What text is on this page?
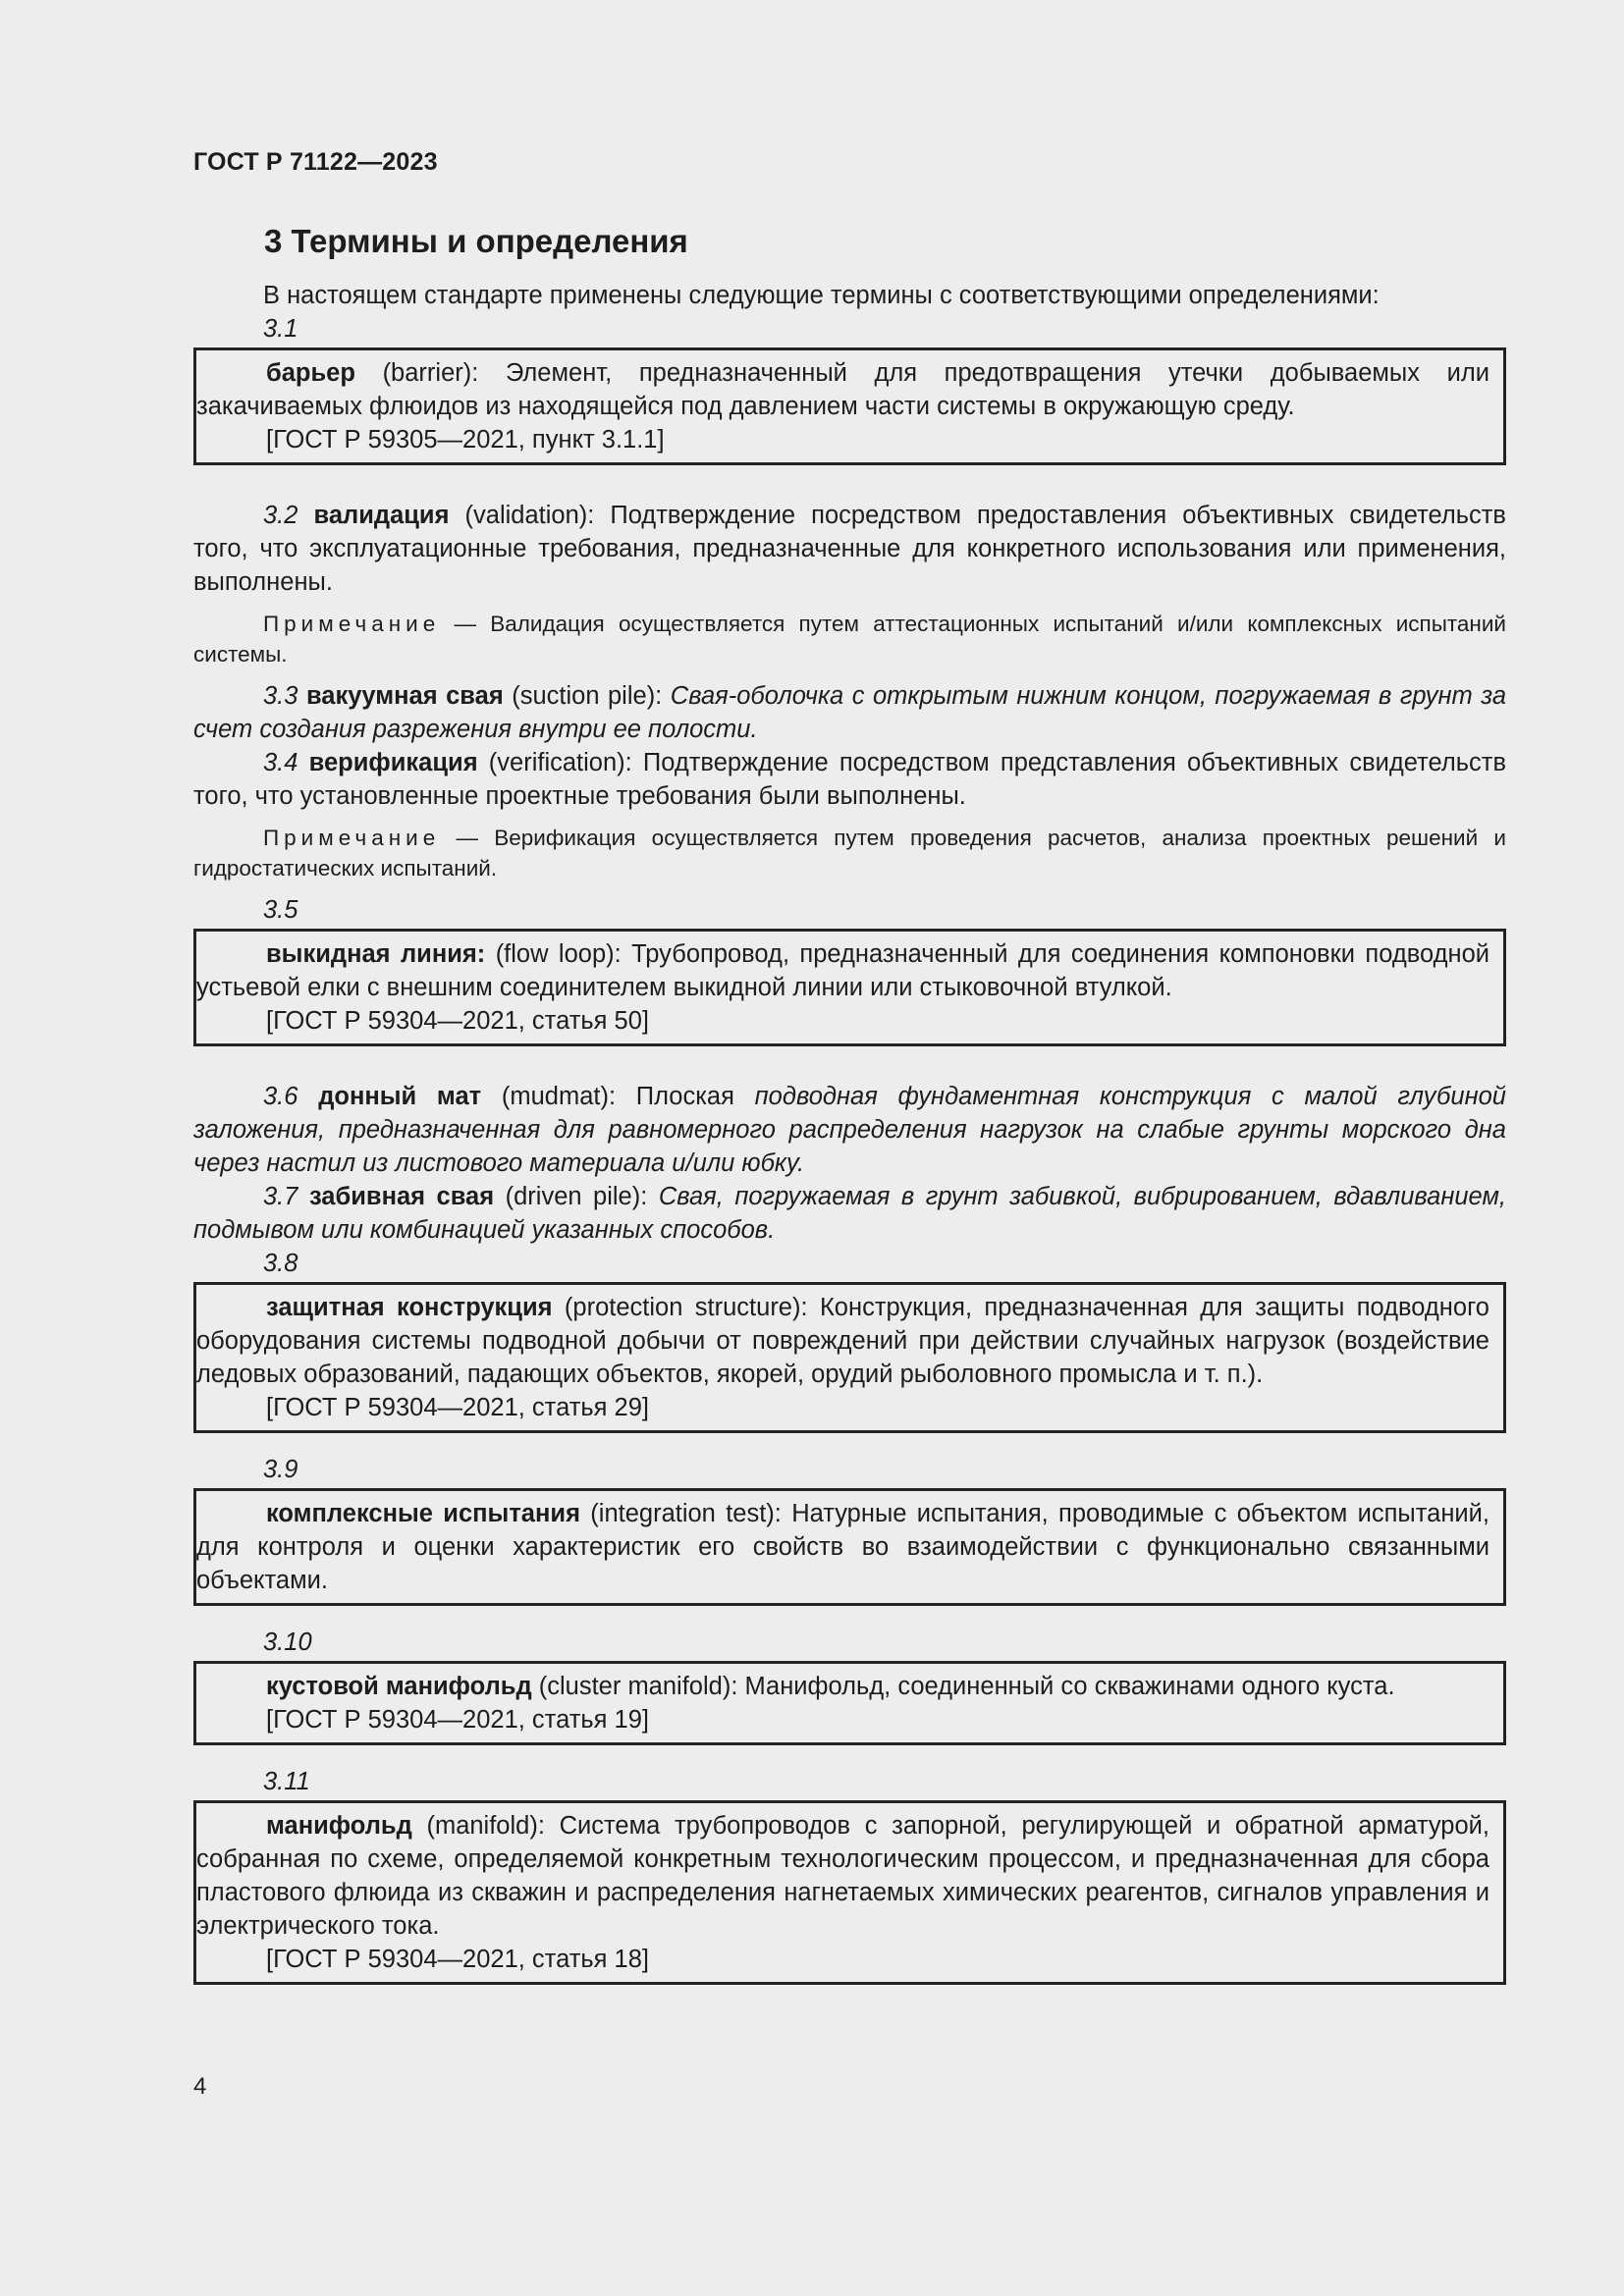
ГОСТ Р 71122—2023
3 Термины и определения

В настоящем стандарте применены следующие термины с соответствующими определениями:

3.1

барьер (barrier): Элемент, предназначенный для предотвращения утечки добываемых или закачиваемых флюидов из находящейся под давлением части системы в окружающую среду.

[ГОСТ Р 59305—2021, пункт 3.1.1]

3.2 валидация (validation): Подтверждение посредством предоставления объективных свидетельств того, что эксплуатационные требования, предназначенные для конкретного использования или применения, выполнены.

Примечание — Валидация осуществляется путем аттестационных испытаний и/или комплексных испытаний системы.

3.3 вакуумная свая (suction pile): Свая-оболочка с открытым нижним концом, погружаемая в грунт за счет создания разрежения внутри ее полости.

3.4 верификация (verification): Подтверждение посредством представления объективных свидетельств того, что установленные проектные требования были выполнены.

Примечание — Верификация осуществляется путем проведения расчетов, анализа проектных решений и гидростатических испытаний.

3.5

выкидная линия: (flow loop): Трубопровод, предназначенный для соединения компоновки подводной устьевой елки с внешним соединителем выкидной линии или стыковочной втулкой.

[ГОСТ Р 59304—2021, статья 50]

3.6 донный мат (mudmat): Плоская подводная фундаментная конструкция с малой глубиной заложения, предназначенная для равномерного распределения нагрузок на слабые грунты морского дна через настил из листового материала и/или юбку.

3.7 забивная свая (driven pile): Свая, погружаемая в грунт забивкой, вибрированием, вдавливанием, подмывом или комбинацией указанных способов.

3.8

защитная конструкция (protection structure): Конструкция, предназначенная для защиты подводного оборудования системы подводной добычи от повреждений при действии случайных нагрузок (воздействие ледовых образований, падающих объектов, якорей, орудий рыболовного промысла и т. п.).

[ГОСТ Р 59304—2021, статья 29]

3.9

комплексные испытания (integration test): Натурные испытания, проводимые с объектом испытаний, для контроля и оценки характеристик его свойств во взаимодействии с функционально связанными объектами.

3.10

кустовой манифольд (cluster manifold): Манифольд, соединенный со скважинами одного куста.

[ГОСТ Р 59304—2021, статья 19]

3.11

манифольд (manifold): Система трубопроводов с запорной, регулирующей и обратной арматурой, собранная по схеме, определяемой конкретным технологическим процессом, и предназначенная для сбора пластового флюида из скважин и распределения нагнетаемых химических реагентов, сигналов управления и электрического тока.

[ГОСТ Р 59304—2021, статья 18]

4
